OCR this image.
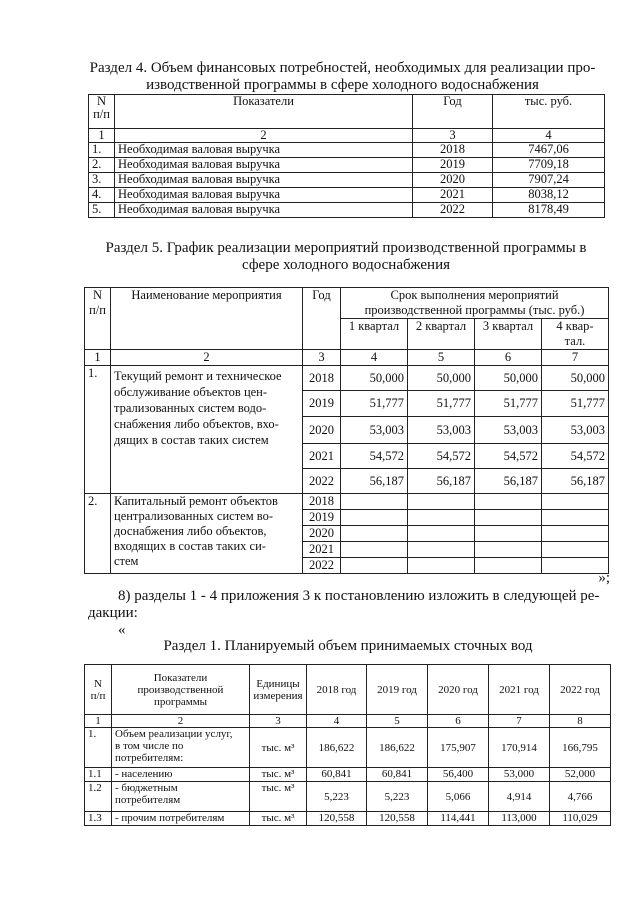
Раздел 4. Объем финансовых потребностей, необходимых для реализации про-
изводственной программы в сфере холодного водоснабжения
N
п/п	Показатели	Год	тыс. руб.
1	2	3	4
1.	Необходимая валовая выручка	2018	7467,06
2.	Необходимая валовая выручка	2019	7709,18
3.	Необходимая валовая выручка	2020	7907,24
4.	Необходимая валовая выручка	2021	8038,12
5.	Необходимая валовая выручка	2022	8178,49
Раздел 5. График реализации мероприятий производственной программы в
сфере холодного водоснабжения
N
п/п	Наименование мероприятия	Год	Срок выполнения мероприятий
производственной программы (тыс. руб.)			
			1 квартал	2 квартал	3 квартал	4 квар-
тал.
1	2	3	4	5	6	7
1.	Текущий ремонт и техническое обслуживание объектов цен-
трализованных систем водо-
снабжения либо объектов, вхо-
дящих в состав таких систем	2018	50,000	50,000	50,000	50,000
		2019	51,777	51,777	51,777	51,777
		2020	53,003	53,003	53,003	53,003
		2021	54,572	54,572	54,572	54,572
		2022	56,187	56,187	56,187	56,187
2.	Капитальный ремонт объектов
централизованных систем во-
доснабжения либо объектов,
входящих в состав таких си-
стем	2018				
		2019				
		2020				
		2021				
		2022				
»;
8) разделы 1 - 4 приложения 3 к постановлению изложить в следующей ре-
дакции:
«
Раздел 1. Планируемый объем принимаемых сточных вод
N
п/п	Показатели
производственной
программы	Единицы
измерения	2018 год	2019 год	2020 год	2021 год	2022 год
1	2	3	4	5	6	7	8
1.	Объем реализации услуг,
в том числе по
потребителям:	тыс. м³	186,622	186,622	175,907	170,914	166,795
1.1	- населению	тыс. м³	60,841	60,841	56,400	53,000	52,000
1.2	- бюджетным
потребителям	тыс. м³	5,223	5,223	5,066	4,914	4,766
1.3	- прочим потребителям	тыс. м³	120,558	120,558	114,441	113,000	110,029
